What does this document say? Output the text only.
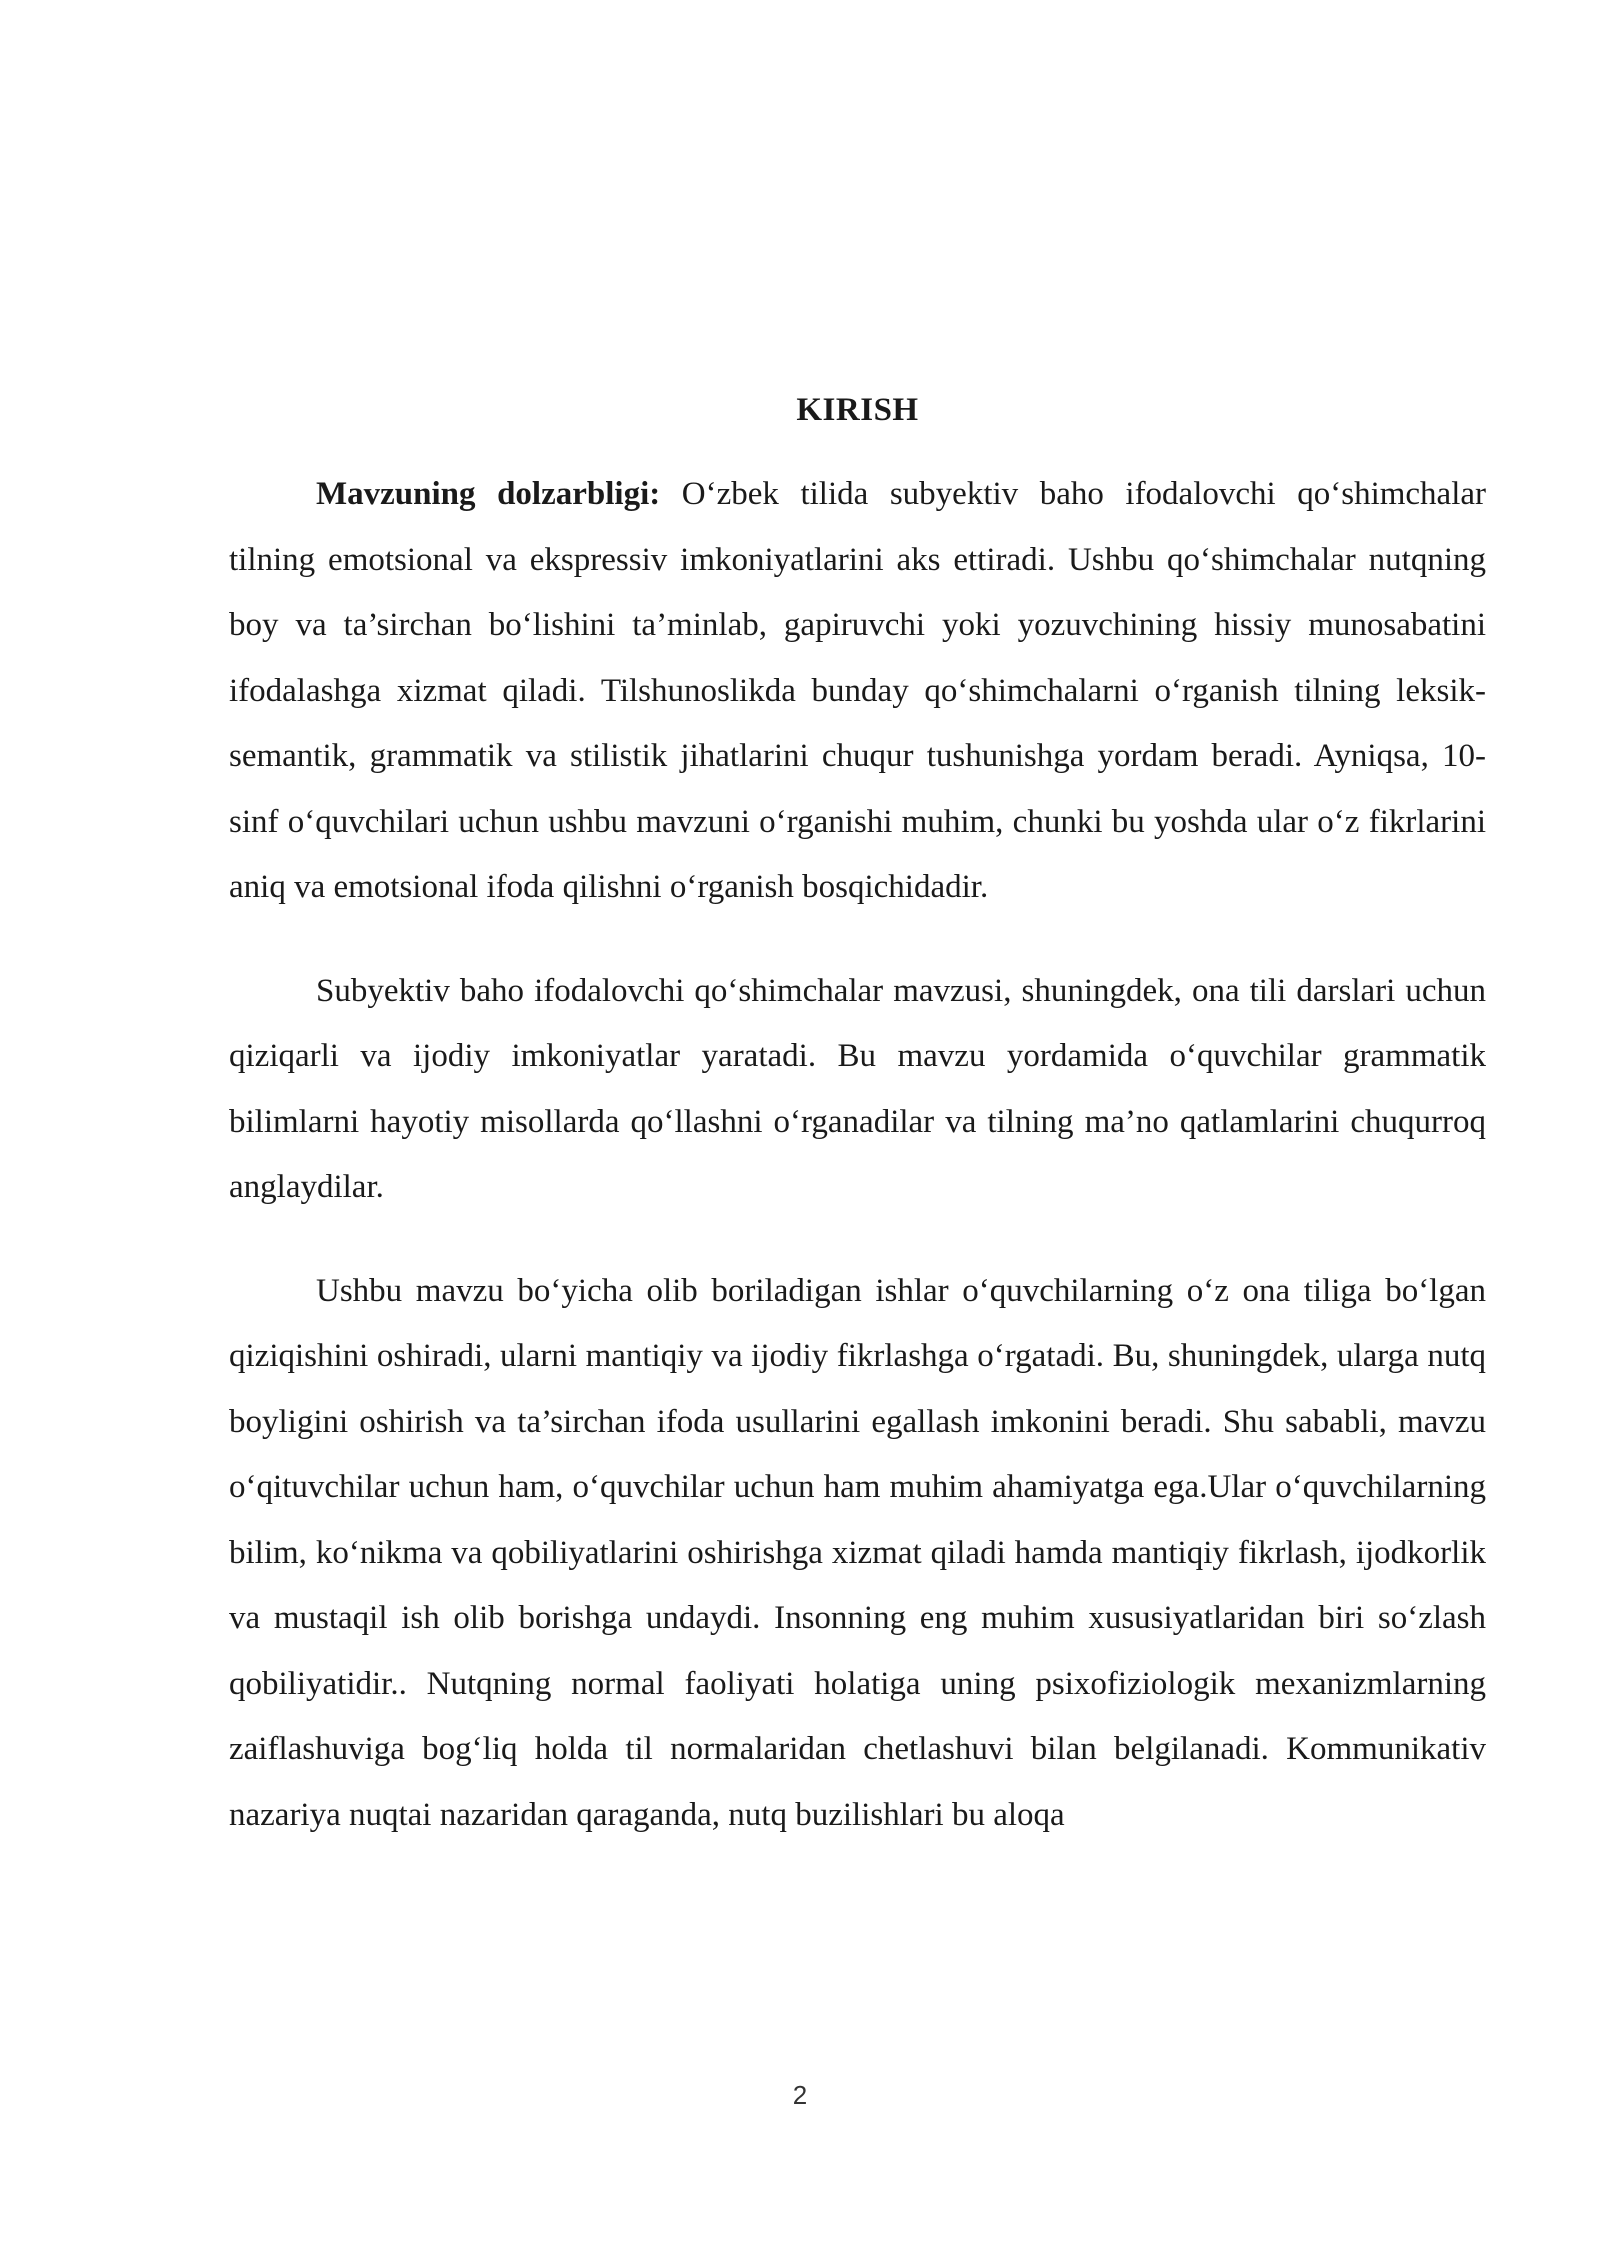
KIRISH

Mavzuning dolzarbligi: O‘zbek tilida subyektiv baho ifodalovchi qo‘shimchalar tilning emotsional va ekspressiv imkoniyatlarini aks ettiradi. Ushbu qo‘shimchalar nutqning boy va ta’sirchan bo‘lishini ta’minlab, gapiruvchi yoki yozuvchining hissiy munosabatini ifodalashga xizmat qiladi. Tilshunoslikda bunday qo‘shimchalarni o‘rganish tilning leksik-semantik, grammatik va stilistik jihatlarini chuqur tushunishga yordam beradi. Ayniqsa, 10-sinf o‘quvchilari uchun ushbu mavzuni o‘rganishi muhim, chunki bu yoshda ular o‘z fikrlarini aniq va emotsional ifoda qilishni o‘rganish bosqichidadir.

Subyektiv baho ifodalovchi qo‘shimchalar mavzusi, shuningdek, ona tili darslari uchun qiziqarli va ijodiy imkoniyatlar yaratadi. Bu mavzu yordamida o‘quvchilar grammatik bilimlarni hayotiy misollarda qo‘llashni o‘rganadilar va tilning ma’no qatlamlarini chuqurroq anglaydilar.

Ushbu mavzu bo‘yicha olib boriladigan ishlar o‘quvchilarning o‘z ona tiliga bo‘lgan qiziqishini oshiradi, ularni mantiqiy va ijodiy fikrlashga o‘rgatadi. Bu, shuningdek, ularga nutq boyligini oshirish va ta’sirchan ifoda usullarini egallash imkonini beradi. Shu sababli, mavzu o‘qituvchilar uchun ham, o‘quvchilar uchun ham muhim ahamiyatga ega.Ular o‘quvchilarning bilim, ko‘nikma va qobiliyatlarini oshirishga xizmat qiladi hamda mantiqiy fikrlash, ijodkorlik va mustaqil ish olib borishga undaydi. Insonning eng muhim xususiyatlaridan biri so‘zlash qobiliyatidir.. Nutqning normal faoliyati holatiga uning psixofiziologik mexanizmlarning zaiflashuviga bog‘liq holda til normalaridan chetlashuvi bilan belgilanadi. Kommunikativ nazariya nuqtai nazaridan qaraganda, nutq buzilishlari bu aloqa

2
